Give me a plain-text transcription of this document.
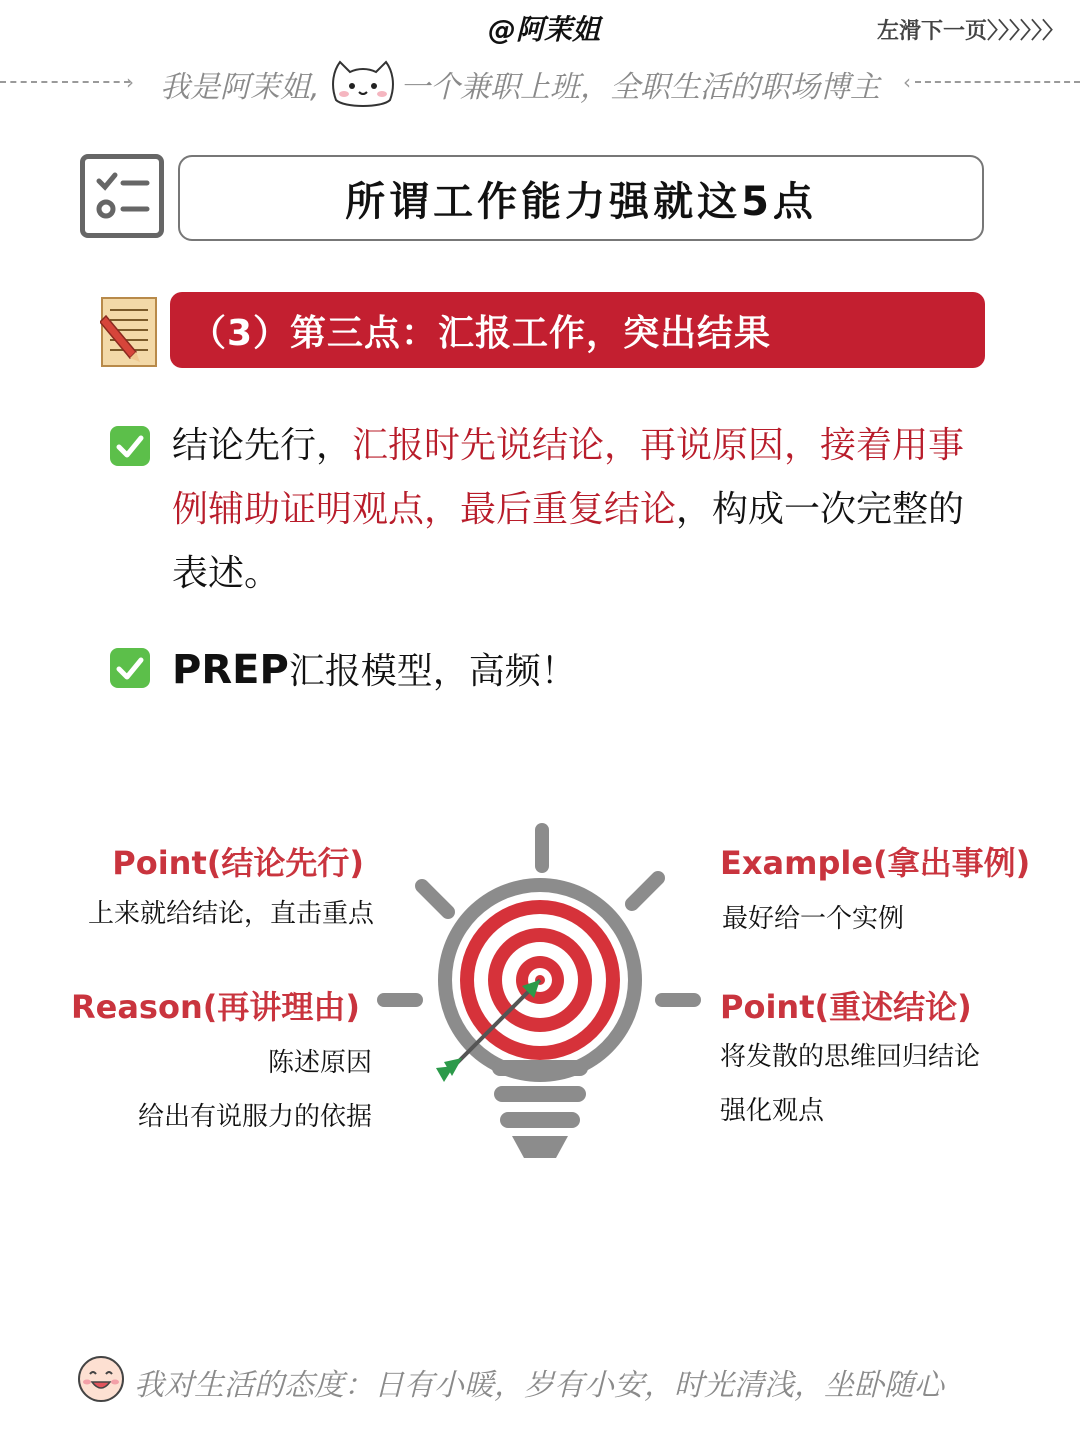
@阿茉姐	左滑下一页〉〉〉〉〉〉
› 我是阿茉姐,	一个兼职上班，全职生活的职场博主 ‹
所谓工作能力强就这5点
（3）第三点：汇报工作，突出结果
结论先行，汇报时先说结论，再说原因，接着用事例辅助证明观点，最后重复结论，构成一次完整的表述。
PREP汇报模型，高频！
Point(结论先行)
上来就给结论，直击重点
Reason(再讲理由)
陈述原因
给出有说服力的依据
Example(拿出事例)
最好给一个实例
Point(重述结论)
将发散的思维回归结论
强化观点
我对生活的态度：日有小暖，岁有小安，时光清浅，坐卧随心
